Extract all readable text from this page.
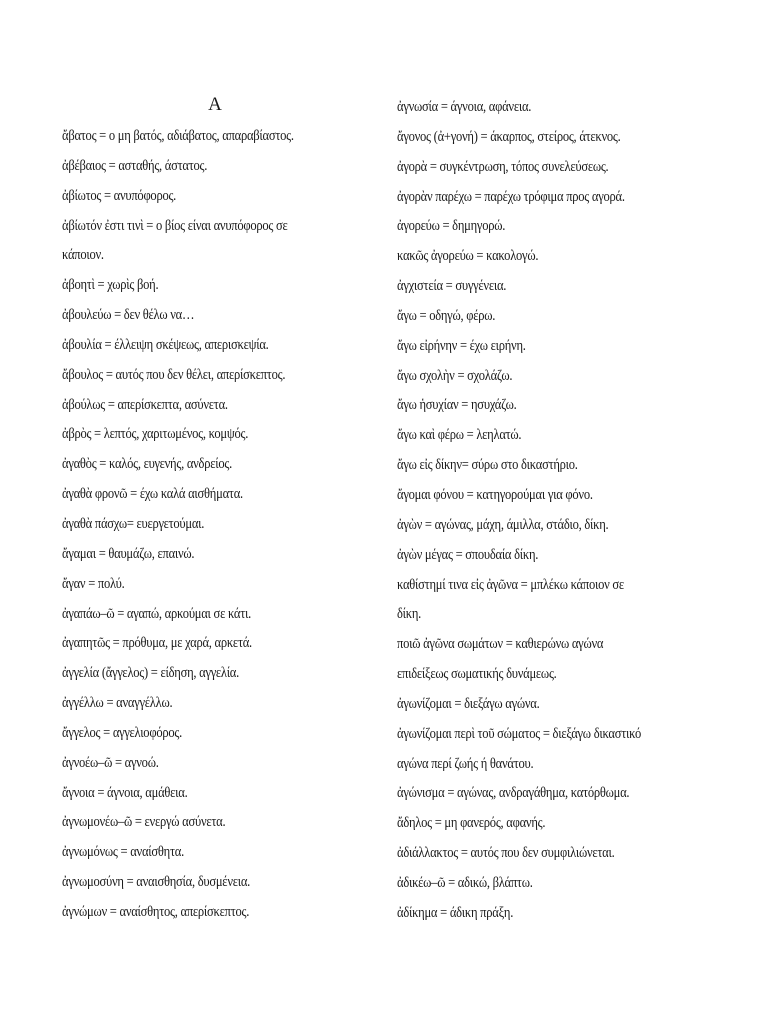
Α
ἄβατος = ο μη βατός, αδιάβατος, απαραβίαστος.
ἀβέβαιος = ασταθής, άστατος.
ἀβίωτος = ανυπόφορος.
ἀβίωτόν ἐστι τινὶ = ο βίος είναι ανυπόφορος σε
κάποιον.
ἀβοητὶ = χωρὶς βοή.
ἀβουλεύω = δεν θέλω να…
ἀβουλία = έλλειψη σκέψεως, απερισκεψία.
ἄβουλος = αυτός που δεν θέλει, απερίσκεπτος.
ἀβούλως = απερίσκεπτα, ασύνετα.
ἀβρὸς = λεπτός, χαριτωμένος, κομψός.
ἀγαθὸς = καλός, ευγενής, ανδρείος.
ἀγαθὰ φρονῶ = έχω καλά αισθήματα.
ἀγαθὰ πάσχω= ευεργετούμαι.
ἄγαμαι = θαυμάζω, επαινώ.
ἄγαν = πολύ.
ἀγαπάω–ῶ = αγαπώ, αρκούμαι σε κάτι.
ἀγαπητῶς = πρόθυμα, με χαρά, αρκετά.
ἀγγελία (ἄγγελος) = είδηση, αγγελία.
ἀγγέλλω = αναγγέλλω.
ἄγγελος = αγγελιοφόρος.
ἀγνοέω–ῶ = αγνοώ.
ἄγνοια = άγνοια, αμάθεια.
ἀγνωμονέω–ῶ = ενεργώ ασύνετα.
ἀγνωμόνως = αναίσθητα.
ἀγνωμοσύνη = αναισθησία, δυσμένεια.
ἀγνώμων = αναίσθητος, απερίσκεπτος.
ἀγνωσία = άγνοια, αφάνεια.
ἄγονος (ἀ+γονή) = άκαρπος, στείρος, άτεκνος.
ἀγορὰ = συγκέντρωση, τόπος συνελεύσεως.
ἀγορὰν παρέχω = παρέχω τρόφιμα προς αγορά.
ἀγορεύω = δημηγορώ.
κακῶς ἀγορεύω = κακολογώ.
ἀγχιστεία = συγγένεια.
ἄγω = οδηγώ, φέρω.
ἄγω εἰρήνην = έχω ειρήνη.
ἄγω σχολὴν = σχολάζω.
ἄγω ἡσυχίαν = ησυχάζω.
ἄγω καὶ φέρω = λεηλατώ.
ἄγω εἰς δίκην= σύρω στο δικαστήριο.
ἄγομαι φόνου = κατηγορούμαι για φόνο.
ἀγὼν = αγώνας, μάχη, άμιλλα, στάδιο, δίκη.
ἀγὼν μέγας = σπουδαία δίκη.
καθίστημί τινα εἰς ἀγῶνα = μπλέκω κάποιον σε
δίκη.
ποιῶ ἀγῶνα σωμάτων = καθιερώνω αγώνα
επιδείξεως σωματικής δυνάμεως.
ἀγωνίζομαι = διεξάγω αγώνα.
ἀγωνίζομαι περὶ τοῦ σώματος = διεξάγω δικαστικό
αγώνα περί ζωής ή θανάτου.
ἀγώνισμα = αγώνας, ανδραγάθημα, κατόρθωμα.
ἄδηλος = μη φανερός, αφανής.
ἀδιάλλακτος = αυτός που δεν συμφιλιώνεται.
ἀδικέω–ῶ = αδικώ, βλάπτω.
ἀδίκημα = άδικη πράξη.
